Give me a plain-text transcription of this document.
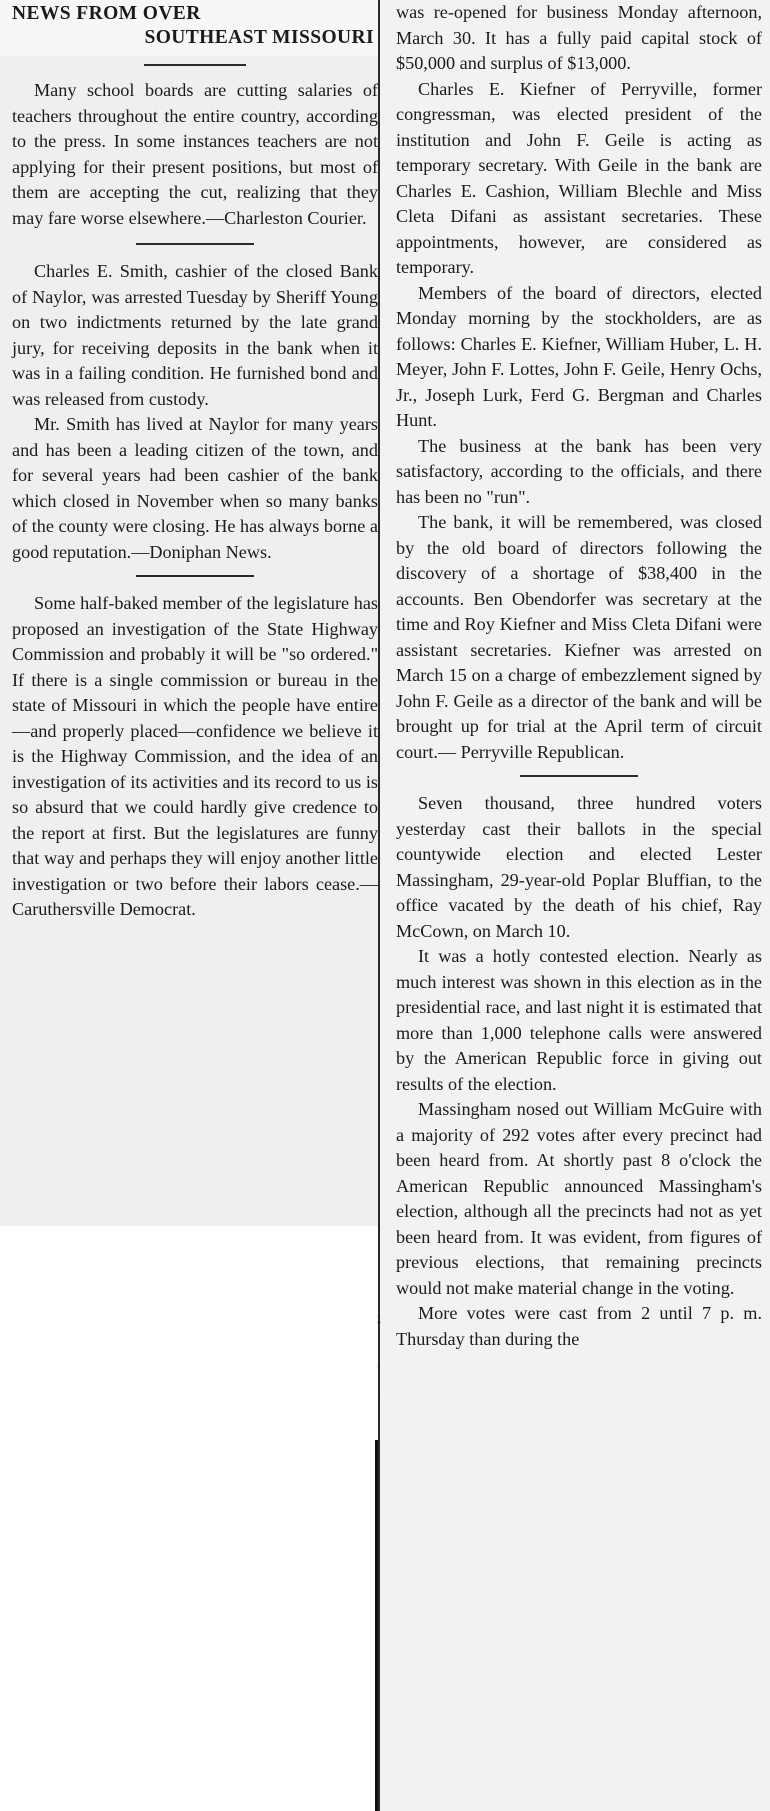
ı
,
:
NEWS FROM OVER
SOUTHEAST MISSOURI

Many school boards are cutting salaries of teachers throughout the entire country, according to the press. In some instances teachers are not applying for their present positions, but most of them are accepting the cut, realizing that they may fare worse elsewhere.—Charleston Courier.

Charles E. Smith, cashier of the closed Bank of Naylor, was arrested Tuesday by Sheriff Young on two indictments returned by the late grand jury, for receiving deposits in the bank when it was in a failing condition. He furnished bond and was released from custody.

Mr. Smith has lived at Naylor for many years and has been a leading citizen of the town, and for several years had been cashier of the bank which closed in November when so many banks of the county were closing. He has always borne a good reputation.—Doniphan News.

Some half-baked member of the legislature has proposed an investigation of the State Highway Commission and probably it will be "so ordered." If there is a single commission or bureau in the state of Missouri in which the people have entire —and properly placed—confidence we believe it is the Highway Commission, and the idea of an investigation of its activities and its record to us is so absurd that we could hardly give credence to the report at first. But the legislatures are funny that way and perhaps they will enjoy another little investigation or two before their labors cease.—Caruthersville Democrat.

was re-opened for business Monday afternoon, March 30. It has a fully paid capital stock of $50,000 and surplus of $13,000.

Charles E. Kiefner of Perryville, former congressman, was elected president of the institution and John F. Geile is acting as temporary secretary. With Geile in the bank are Charles E. Cashion, William Blechle and Miss Cleta Difani as assistant secretaries. These appointments, however, are considered as temporary.

Members of the board of directors, elected Monday morning by the stockholders, are as follows: Charles E. Kiefner, William Huber, L. H. Meyer, John F. Lottes, John F. Geile, Henry Ochs, Jr., Joseph Lurk, Ferd G. Bergman and Charles Hunt.

The business at the bank has been very satisfactory, according to the officials, and there has been no "run".

The bank, it will be remembered, was closed by the old board of directors following the discovery of a shortage of $38,400 in the accounts. Ben Obendorfer was secretary at the time and Roy Kiefner and Miss Cleta Difani were assistant secretaries. Kiefner was arrested on March 15 on a charge of embezzlement signed by John F. Geile as a director of the bank and will be brought up for trial at the April term of circuit court.— Perryville Republican.

Seven thousand, three hundred voters yesterday cast their ballots in the special countywide election and elected Lester Massingham, 29-year-old Poplar Bluffian, to the office vacated by the death of his chief, Ray McCown, on March 10.

It was a hotly contested election. Nearly as much interest was shown in this election as in the presidential race, and last night it is estimated that more than 1,000 telephone calls were answered by the American Republic force in giving out results of the election.

Massingham nosed out William McGuire with a majority of 292 votes after every precinct had been heard from. At shortly past 8 o'clock the American Republic announced Massingham's election, although all the precincts had not as yet been heard from. It was evident, from figures of previous elections, that remaining precincts would not make material change in the voting.

More votes were cast from 2 until 7 p. m. Thursday than during the
